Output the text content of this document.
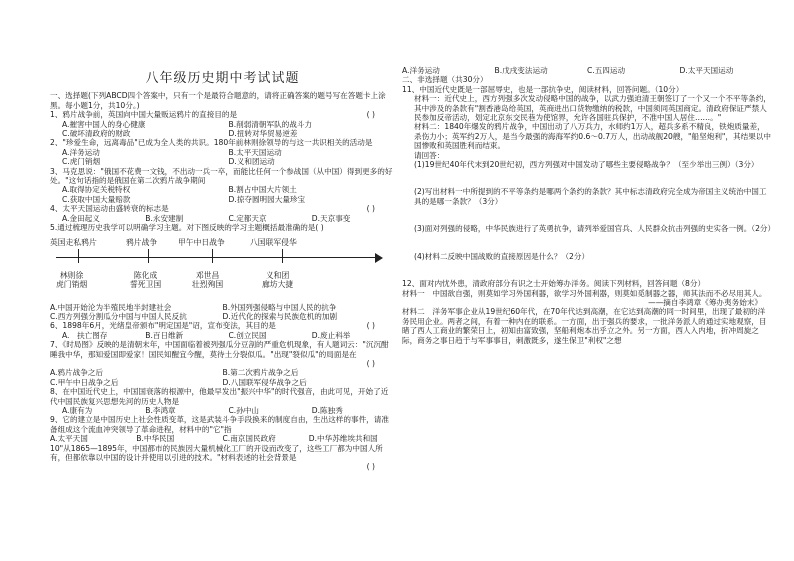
八年级历史期中考试试题
一、选择题(下列ABCD四个答案中，只有一个是最符合题意的，请将正确答案的题号写在答题卡上涂黑。每小题1分，共10分。)
( )
1、鸦片战争前，英国向中国大量贩运鸦片的直接目的是
A.摧害中国人的身心健康	B.削弱清朝军队的战斗力
C.破坏清政府的财政	D.扭转对华贸易逆差
2、"珍爱生命，远离毒品"已成为全人类的共识。180年前林则徐领导的与这一共识相关的活动是
A.洋务运动	B.太平天国运动
C.虎门销烟	D.义和团运动
3、马克思说："俄国不花费一文钱，不出动一兵一卒，而能比任何一个参战国（从中国）得到更多的好处。"这句话指的是俄国在第二次鸦片战争期间
A.取得协定关税特权	B.割占中国大片领土
C.获取中国大量赔款	D.掠夺圆明园大量珍宝
( )
4、太平天国运动由盛转衰的标志是
A.金田起义	B.永安建制	C.定都天京	D.天京事变
5.通过梳理历史我学可以明确学习主题。对下图反映的学习主题概括最准确的是( )
英国走私鸦片	鸦片战争	甲午中日战争	八国联军侵华
林则徐
虎门销烟
陈化成
誓死卫国
邓世昌
壮烈殉国
义和团
廊坊大捷
A.中国开始沦为半殖民地半封建社会	B.外国列强侵略与中国人民的抗争
C.西方列强分割瓜分中国与中国人民反抗	D.近代化的探索与民族危机的加剧
( )
6、1898年6月，光绪皇帝颁布"明定国是"诏，宣布变法，其目的是
A.　扶亡图存	B.百日维新	C.创立民国	D.废止科举
7、《时局图》反映的是清朝末年，中国面临着被列强瓜分豆剖的严重危机现象，有人题词云："沉沉酣睡我中华，那知爱国即爱家！国民知醒宜今醒，莫待土分裂似瓜。"出现"裂似瓜"的局面是在
( )
A.鸦片战争之后	B.第二次鸦片战争之后
C.甲午中日战争之后	D.八国联军侵华战争之后
8、在中国近代史上，中国国衰落的根源中，他最早发出"振兴中华"的时代强音，由此可见，开始了近代中国民族复兴思想先河的历史人物是
A.康有为	B.李鸿章	C.孙中山	D.陈独秀
9、它的建立是中国历史上社会性质变革，这是武装斗争手段换来的制度自由，生出这样的事件，请准备组成这个流血冲突领导了革命进程，材料中的"它"指
A.太平天国	B.中华民国	C.南京国民政府	D.中华苏维埃共和国
10"从1865—1895年，中国都市的民族因大量机械化工厂的开设而改变了，这些工厂都为中国人所有，但都依靠以中国的设计并使用以引进的技术。"材料表述的社会背景是
( )
A.洋务运动	B.戊戌变法运动	C.五四运动	D.太平天国运动
二、非选择题（共30分）
11、中国近代史既是一部屈辱史，也是一部抗争史，阅读材料，回答问题。（10分）
材料一：近代史上，西方列强多次发动侵略中国的战争，以武力强迫清王朝签订了一个又一个不平等条约，其中涉及的条款有"割香港岛给英国，英商进出口货物缴纳的税款，中国须同英国商定。清政府保证严禁人民参加反帝活动，划定北京东交民巷为使馆界，允许各国驻兵保护，不准中国人居住……。"
材料二：1840年爆发的鸦片战争，中国出动了八万兵力，水师约1万人，超兵多系不精良，铁炮质量差，杀伤力小；英军约2万人，是当今最强的海海军约0.6～0.7万人，出动战舰20艘，"船坚炮利"，其结果以中国惨败和英国胜利而结束。
请回答：
(1)19世纪40年代末到20世纪初，西方列强对中国发动了哪些主要侵略战争？（至少举出三例）（3分）
(2)写出材料一中所提到的不平等条约是哪两个条约的条款？其中标志清政府完全成为帝国主义统治中国工具的是哪一条款？（3分）
(3)面对列强的侵略，中华民族进行了英勇抗争，请列举爱国官兵、人民群众抗击列强的史实各一例。（2分）
(4)材料二反映中国战败的直接原因是什么？（2分）
12、面对内忧外患，清政府部分有识之士开始筹办洋务。阅读下列材料，回答问题（8分）
材料一　中国欲自强，则莫如学习外国利器，欲学习外国利器，则莫如觅制器之器，师其法而不必尽用其人。
——摘自李鸿章《筹办夷务始末》
材料二　洋务军事企业从19世纪60年代，在70年代达到高潮，在它达到高潮的同一时间里，出现了最初的洋务民用企业。两者之间，有着一种内在的联系。一方面，出于强兵的要求，一批洋务派人的通过实地观察，目睹了西人工商业的繁荣日上，初知由富致强，坚船利炮本出乎立之外。另一方面，西人入内地，折冲周旋之际，商务之事日趋于与军事事目，刺激既多，遂生保卫"利权"之想
